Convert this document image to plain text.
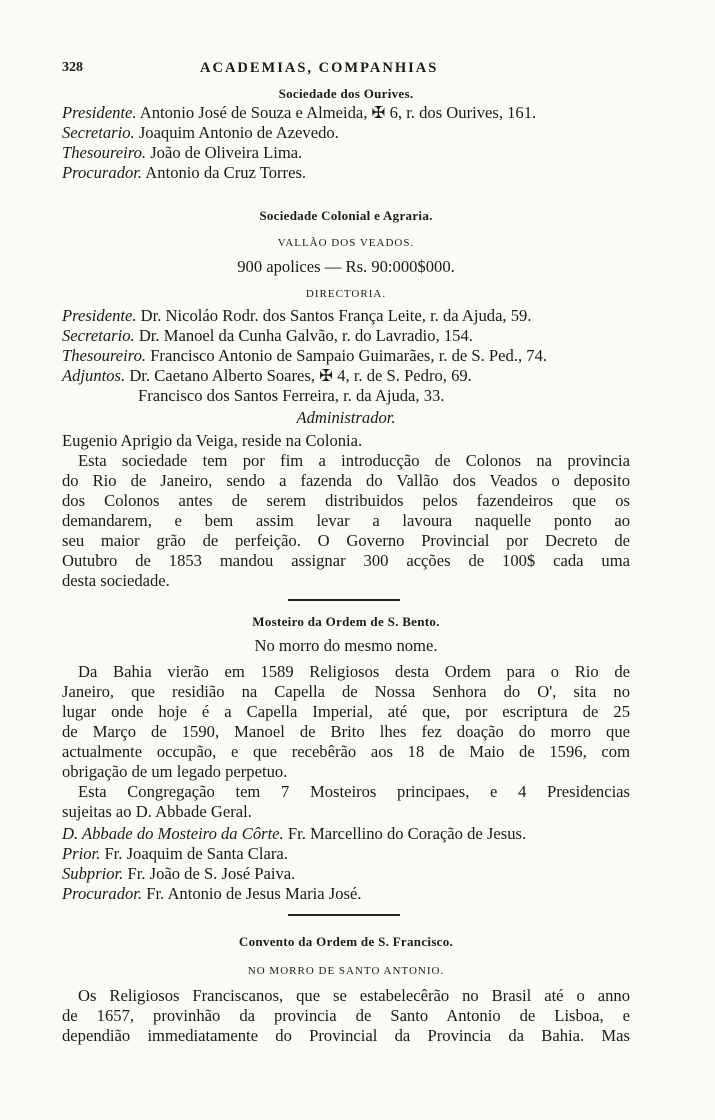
328	ACADEMIAS, COMPANHIAS
Sociedade dos Ourives.
Presidente. Antonio José de Souza e Almeida, ✠ 6, r. dos Ourives, 161.
Secretario. Joaquim Antonio de Azevedo.
Thesoureiro. João de Oliveira Lima.
Procurador. Antonio da Cruz Torres.
Sociedade Colonial e Agraria.
VALLÃO DOS VEADOS.
900 apolices — Rs. 90:000$000.
DIRECTORIA.
Presidente. Dr. Nicoláo Rodr. dos Santos França Leite, r. da Ajuda, 59.
Secretario. Dr. Manoel da Cunha Galvão, r. do Lavradio, 154.
Thesoureiro. Francisco Antonio de Sampaio Guimarães, r. de S. Ped., 74.
Adjuntos. Dr. Caetano Alberto Soares, ✠ 4, r. de S. Pedro, 69.
Francisco dos Santos Ferreira, r. da Ajuda, 33.
Administrador.
Eugenio Aprigio da Veiga, reside na Colonia.
Esta sociedade tem por fim a introducção de Colonos na provincia
do Rio de Janeiro, sendo a fazenda do Vallão dos Veados o deposito
dos Colonos antes de serem distribuidos pelos fazendeiros que os
demandarem, e bem assim levar a lavoura naquelle ponto ao
seu maior grão de perfeição. O Governo Provincial por Decreto de
Outubro de 1853 mandou assignar 300 acções de 100$ cada uma
desta sociedade.
Mosteiro da Ordem de S. Bento.
No morro do mesmo nome.
Da Bahia vierão em 1589 Religiosos desta Ordem para o Rio de
Janeiro, que residião na Capella de Nossa Senhora do O', sita no
lugar onde hoje é a Capella Imperial, até que, por escriptura de 25
de Março de 1590, Manoel de Brito lhes fez doação do morro que
actualmente occupão, e que recebêrão aos 18 de Maio de 1596, com
obrigação de um legado perpetuo.
Esta Congregação tem 7 Mosteiros principaes, e 4 Presidencias
sujeitas ao D. Abbade Geral.
D. Abbade do Mosteiro da Côrte. Fr. Marcellino do Coração de Jesus.
Prior. Fr. Joaquim de Santa Clara.
Subprior. Fr. João de S. José Paiva.
Procurador. Fr. Antonio de Jesus Maria José.
Convento da Ordem de S. Francisco.
NO MORRO DE SANTO ANTONIO.
Os Religiosos Franciscanos, que se estabelecêrão no Brasil até o anno
de 1657, provinhão da provincia de Santo Antonio de Lisboa, e
dependião immediatamente do Provincial da Provincia da Bahia. Mas
